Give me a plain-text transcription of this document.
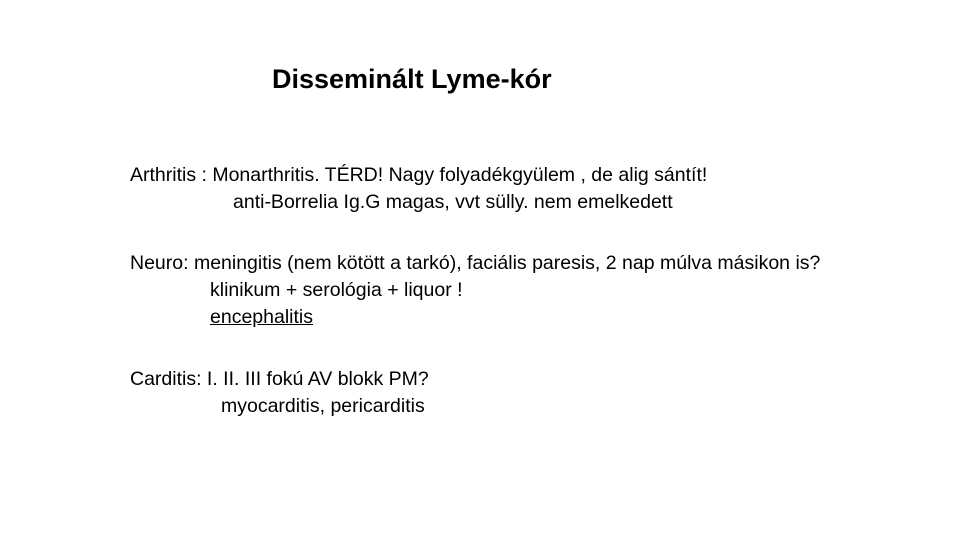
Disseminált Lyme-kór
Arthritis : Monarthritis. TÉRD! Nagy folyadékgyülem , de alig sántít!
anti-Borrelia Ig.G magas, vvt sülly. nem emelkedett
Neuro: meningitis (nem kötött a tarkó), faciális paresis, 2 nap múlva másikon is?
klinikum + serológia + liquor !
encephalitis
Carditis: I. II. III fokú AV blokk PM?
myocarditis, pericarditis
